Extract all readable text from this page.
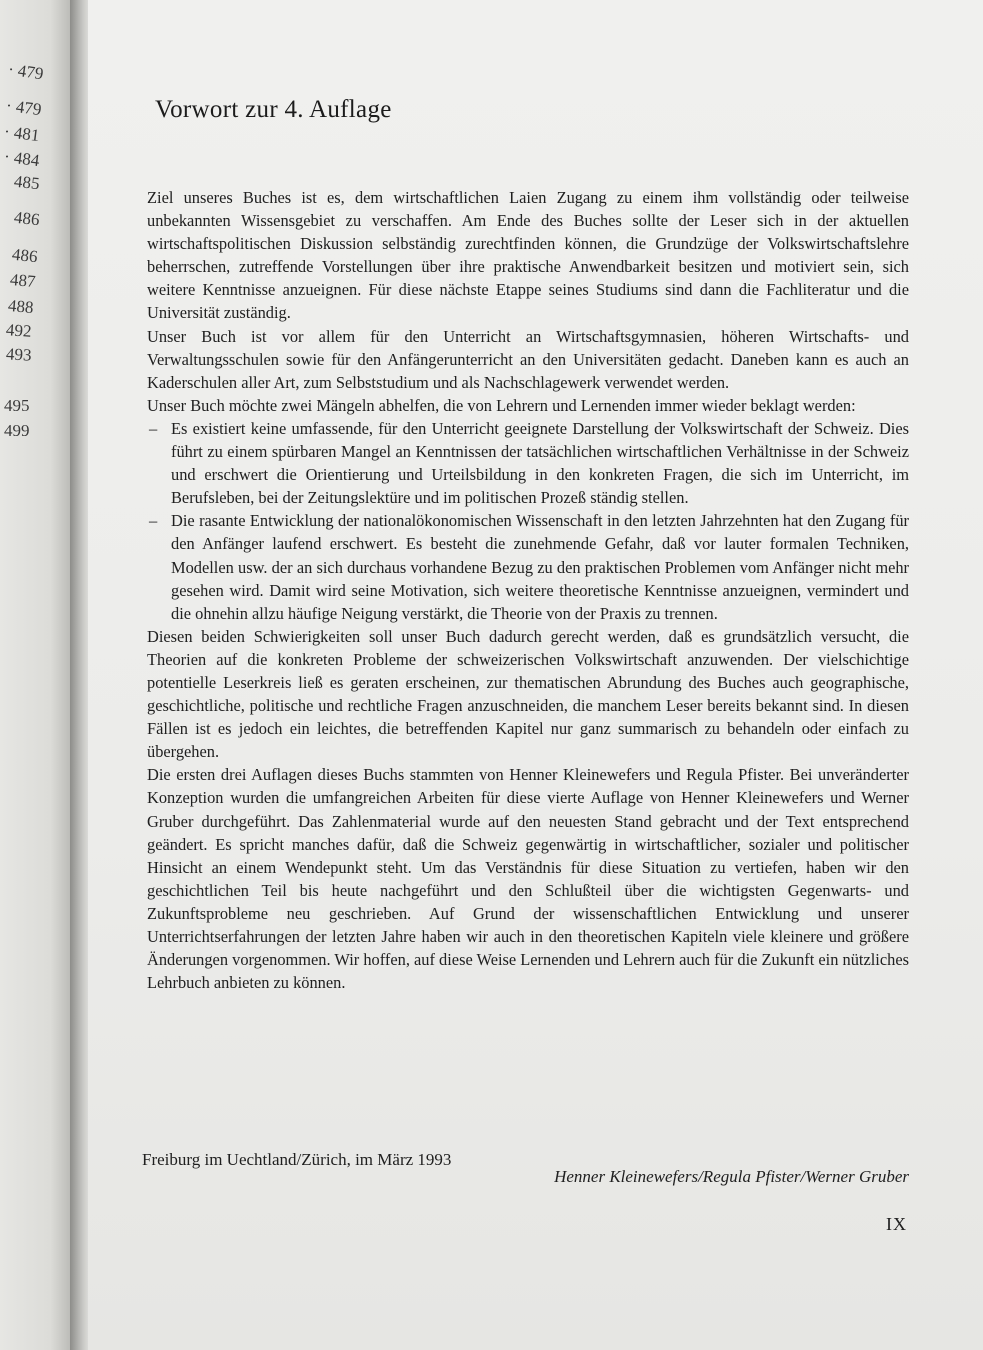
· 479
· 479
· 481
· 484
485
486
486
487
488
492
493
495
499
Vorwort zur 4. Auflage

Ziel unseres Buches ist es, dem wirtschaftlichen Laien Zugang zu einem ihm vollständig oder teilweise unbekannten Wissensgebiet zu verschaffen. Am Ende des Buches sollte der Leser sich in der aktuellen wirtschaftspolitischen Diskussion selbständig zurechtfinden können, die Grundzüge der Volkswirtschaftslehre beherrschen, zutreffende Vorstellungen über ihre praktische Anwendbarkeit besitzen und motiviert sein, sich weitere Kenntnisse anzueignen. Für diese nächste Etappe seines Studiums sind dann die Fachliteratur und die Universität zuständig.

Unser Buch ist vor allem für den Unterricht an Wirtschaftsgymnasien, höheren Wirtschafts- und Verwaltungsschulen sowie für den Anfängerunterricht an den Universitäten gedacht. Daneben kann es auch an Kaderschulen aller Art, zum Selbststudium und als Nachschlagewerk verwendet werden.

Unser Buch möchte zwei Mängeln abhelfen, die von Lehrern und Lernenden immer wieder beklagt werden:

– Es existiert keine umfassende, für den Unterricht geeignete Darstellung der Volkswirtschaft der Schweiz. Dies führt zu einem spürbaren Mangel an Kenntnissen der tatsächlichen wirtschaftlichen Verhältnisse in der Schweiz und erschwert die Orientierung und Urteilsbildung in den konkreten Fragen, die sich im Unterricht, im Berufsleben, bei der Zeitungslektüre und im politischen Prozeß ständig stellen.
– Die rasante Entwicklung der nationalökonomischen Wissenschaft in den letzten Jahrzehnten hat den Zugang für den Anfänger laufend erschwert. Es besteht die zunehmende Gefahr, daß vor lauter formalen Techniken, Modellen usw. der an sich durchaus vorhandene Bezug zu den praktischen Problemen vom Anfänger nicht mehr gesehen wird. Damit wird seine Motivation, sich weitere theoretische Kenntnisse anzueignen, vermindert und die ohnehin allzu häufige Neigung verstärkt, die Theorie von der Praxis zu trennen.

Diesen beiden Schwierigkeiten soll unser Buch dadurch gerecht werden, daß es grundsätzlich versucht, die Theorien auf die konkreten Probleme der schweizerischen Volkswirtschaft anzuwenden. Der vielschichtige potentielle Leserkreis ließ es geraten erscheinen, zur thematischen Abrundung des Buches auch geographische, geschichtliche, politische und rechtliche Fragen anzuschneiden, die manchem Leser bereits bekannt sind. In diesen Fällen ist es jedoch ein leichtes, die betreffenden Kapitel nur ganz summarisch zu behandeln oder einfach zu übergehen.

Die ersten drei Auflagen dieses Buchs stammten von Henner Kleinewefers und Regula Pfister. Bei unveränderter Konzeption wurden die umfangreichen Arbeiten für diese vierte Auflage von Henner Kleinewefers und Werner Gruber durchgeführt. Das Zahlenmaterial wurde auf den neuesten Stand gebracht und der Text entsprechend geändert. Es spricht manches dafür, daß die Schweiz gegenwärtig in wirtschaftlicher, sozialer und politischer Hinsicht an einem Wendepunkt steht. Um das Verständnis für diese Situation zu vertiefen, haben wir den geschichtlichen Teil bis heute nachgeführt und den Schlußteil über die wichtigsten Gegenwarts- und Zukunftsprobleme neu geschrieben. Auf Grund der wissenschaftlichen Entwicklung und unserer Unterrichtserfahrungen der letzten Jahre haben wir auch in den theoretischen Kapiteln viele kleinere und größere Änderungen vorgenommen. Wir hoffen, auf diese Weise Lernenden und Lehrern auch für die Zukunft ein nützliches Lehrbuch anbieten zu können.

Freiburg im Uechtland/Zürich, im März 1993
Henner Kleinewefers/Regula Pfister/Werner Gruber
IX
